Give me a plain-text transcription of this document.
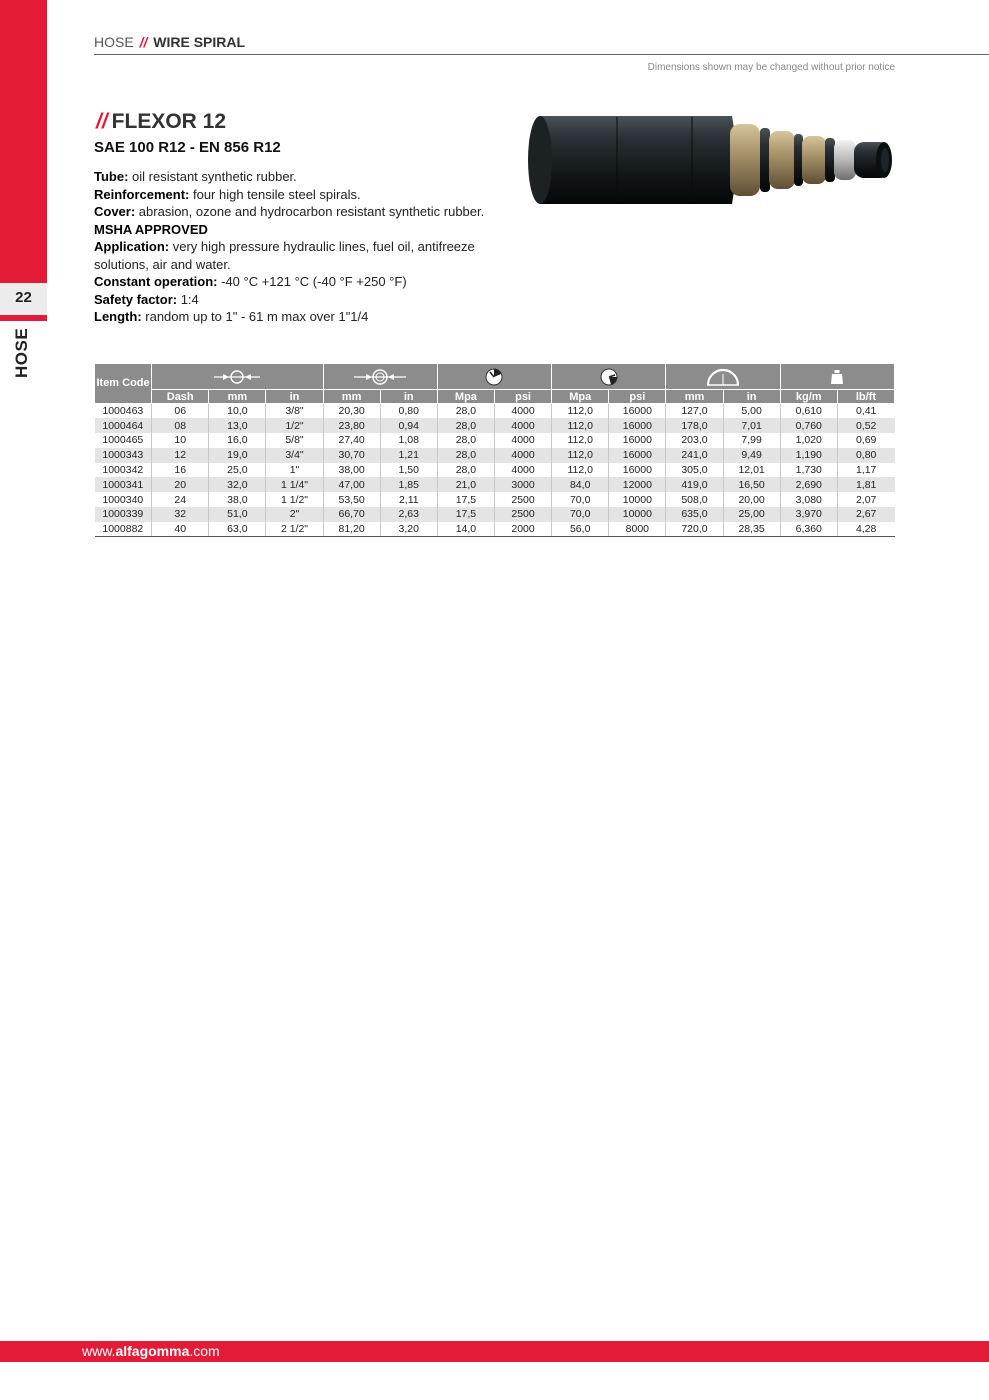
22
HOSE
HOSE // WIRE SPIRAL
Dimensions shown may be changed without prior notice
// FLEXOR 12
SAE 100 R12 - EN 856 R12
Tube: oil resistant synthetic rubber.
Reinforcement: four high tensile steel spirals.
Cover: abrasion, ozone and hydrocarbon resistant synthetic rubber.
MSHA APPROVED
Application: very high pressure hydraulic lines, fuel oil, antifreeze solutions, air and water.
Constant operation: -40 °C +121 °C (-40 °F +250 °F)
Safety factor: 1:4
Length: random up to 1" - 61 m max over 1"1/4
Item Code						
	Dash	mm	in	mm	in	Mpa	psi	Mpa	psi	mm	in	kg/m	lb/ft
1000463	06	10,0	3/8"	20,30	0,80	28,0	4000	112,0	16000	127,0	5,00	0,610	0,41
1000464	08	13,0	1/2"	23,80	0,94	28,0	4000	112,0	16000	178,0	7,01	0,760	0,52
1000465	10	16,0	5/8"	27,40	1,08	28,0	4000	112,0	16000	203,0	7,99	1,020	0,69
1000343	12	19,0	3/4"	30,70	1,21	28,0	4000	112,0	16000	241,0	9,49	1,190	0,80
1000342	16	25,0	1"	38,00	1,50	28,0	4000	112,0	16000	305,0	12,01	1,730	1,17
1000341	20	32,0	1 1/4"	47,00	1,85	21,0	3000	84,0	12000	419,0	16,50	2,690	1,81
1000340	24	38,0	1 1/2"	53,50	2,11	17,5	2500	70,0	10000	508,0	20,00	3,080	2,07
1000339	32	51,0	2"	66,70	2,63	17,5	2500	70,0	10000	635,0	25,00	3,970	2,67
1000882	40	63,0	2 1/2"	81,20	3,20	14,0	2000	56,0	8000	720,0	28,35	6,360	4,28
www.alfagomma.com
